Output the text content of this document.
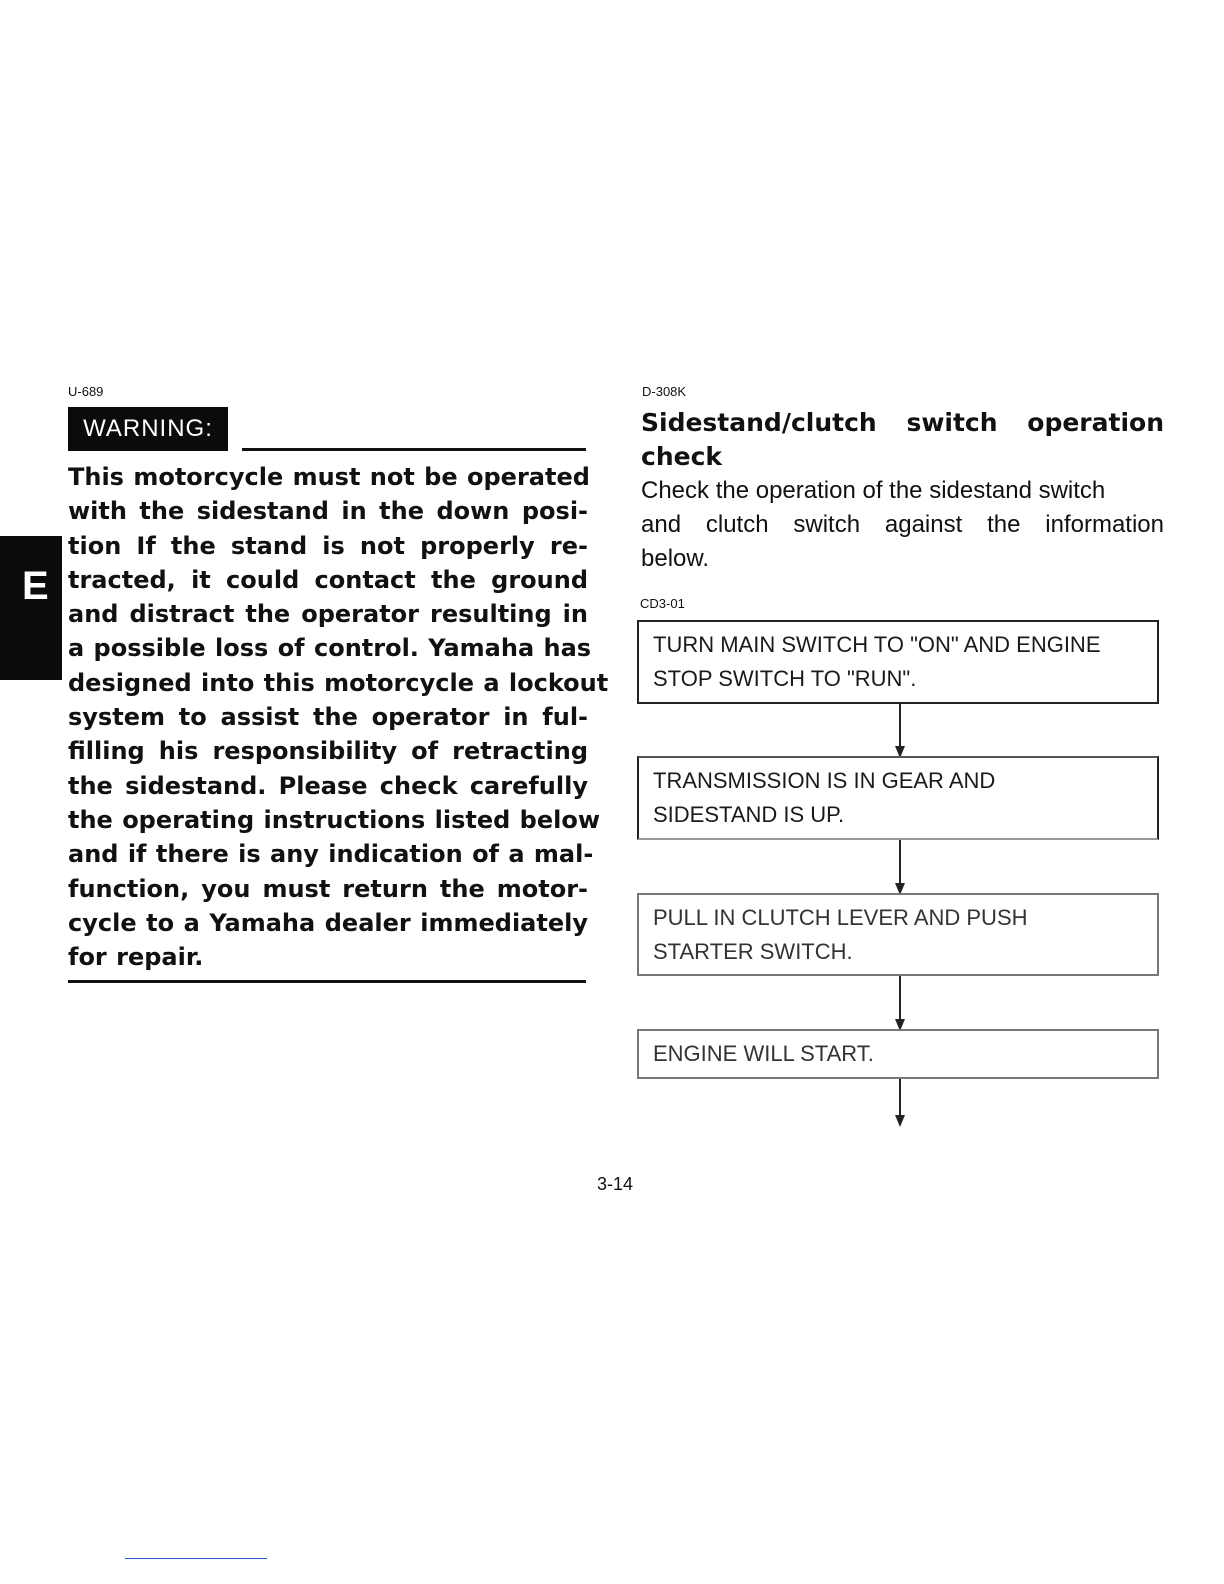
U-689
WARNING:
This motorcycle must not be operated
with the sidestand in the down posi-
tion If the stand is not properly re-
tracted, it could contact the ground
and distract the operator resulting in
a possible loss of control. Yamaha has
designed into this motorcycle a lockout
system to assist the operator in ful-
filling his responsibility of retracting
the sidestand. Please check carefully
the operating instructions listed below
and if there is any indication of a mal-
function, you must return the motor-
cycle to a Yamaha dealer immediately
for repair.
E
D-308K
Sidestand/clutch switch operation
check
Check the operation of the sidestand switch
and clutch switch against the information
below.
CD3-01
TURN MAIN SWITCH TO "ON" AND ENGINE
STOP SWITCH TO "RUN".
TRANSMISSION IS IN GEAR AND
SIDESTAND IS UP.
PULL IN CLUTCH LEVER AND PUSH
STARTER SWITCH.
ENGINE WILL START.
3-14
